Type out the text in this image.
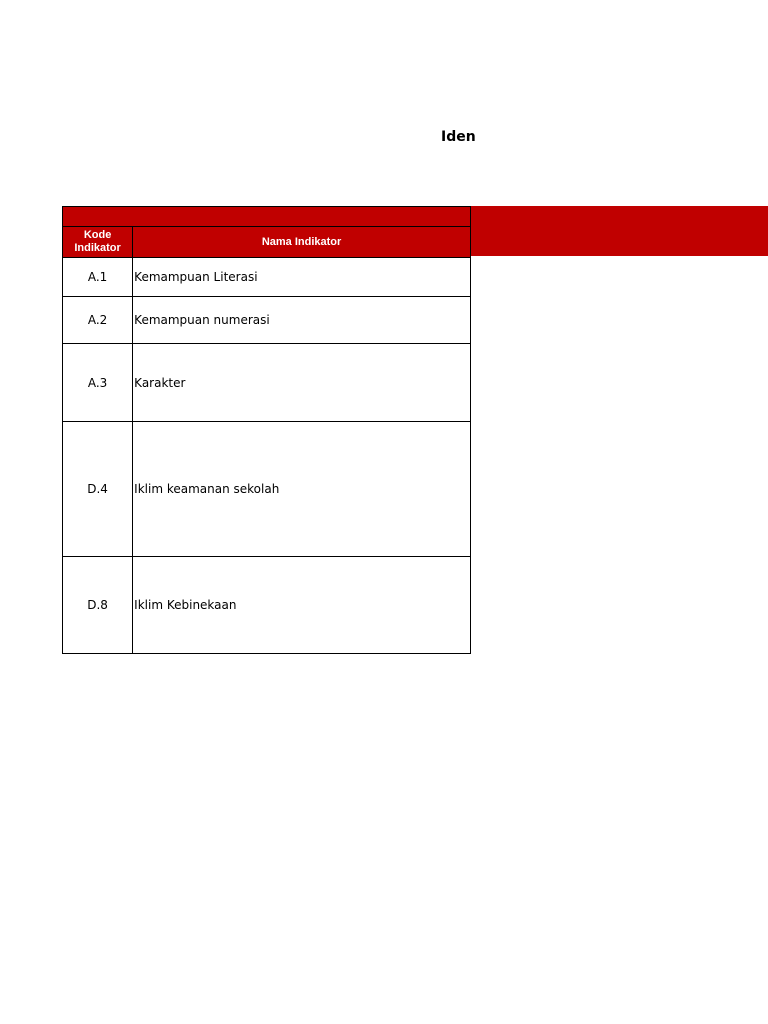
Iden

Kode
Indikator	Nama Indikator
A.1	Kemampuan Literasi
A.2	Kemampuan numerasi
A.3	Karakter
D.4	Iklim keamanan sekolah
D.8	Iklim Kebinekaan
